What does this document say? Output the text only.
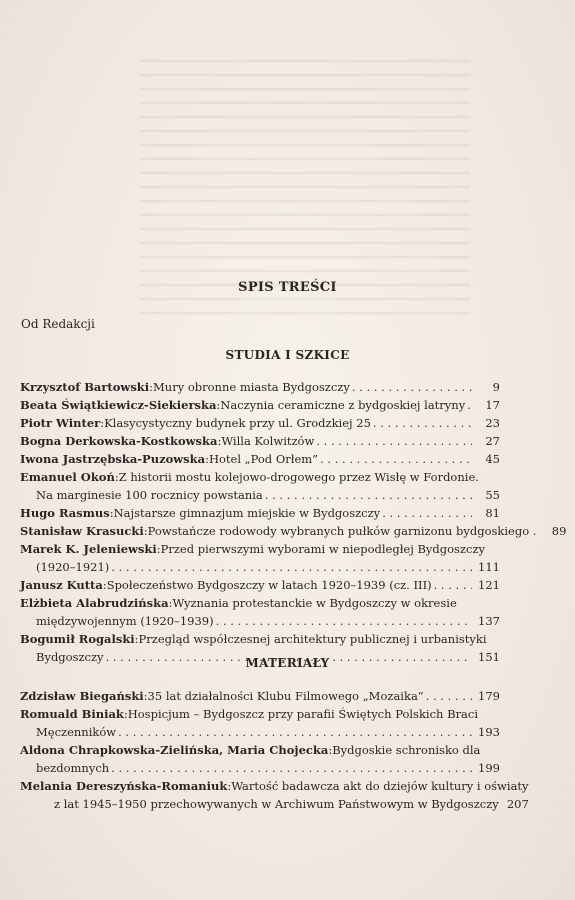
SPIS TREŚCI
Od Redakcji
STUDIA I SZKICE
Krzysztof Bartowski : Mury obronne miasta Bydgoszczy . . .	9
Beata Świątkiewicz-Siekierska : Naczynia ceramiczne z bydgoskiej latryny . . .	17
Piotr Winter : Klasycystyczny budynek przy ul. Grodzkiej 25 . . .	23
Bogna Derkowska-Kostkowska : Willa Kolwitzów . . .	27
Iwona Jastrzębska-Puzowska : Hotel „Pod Orłem” . . .	45
Emanuel Okoń : Z historii mostu kolejowo-drogowego przez Wisłę w Fordonie.
Na marginesie 100 rocznicy powstania . . .	55
Hugo Rasmus : Najstarsze gimnazjum miejskie w Bydgoszczy . . .	81
Stanisław Krasucki : Powstańcze rodowody wybranych pułków garnizonu bydgoskiego .	89
Marek K. Jeleniewski : Przed pierwszymi wyborami w niepodległej Bydgoszczy
(1920–1921) . . .	111
Janusz Kutta : Społeczeństwo Bydgoszczy w latach 1920–1939 (cz. III) . . .	121
Elżbieta Alabrudzińska : Wyznania protestanckie w Bydgoszczy w okresie
międzywojennym (1920–1939) . . .	137
Bogumił Rogalski : Przegląd współczesnej architektury publicznej i urbanistyki
Bydgoszczy . . .	151
MATERIAŁY
Zdzisław Biegański : 35 lat działalności Klubu Filmowego „Mozaika” . . .	179
Romuald Biniak : Hospicjum – Bydgoszcz przy parafii Świętych Polskich Braci
Męczenników . . .	193
Aldona Chrapkowska-Zielińska, Maria Chojecka : Bydgoskie schronisko dla
bezdomnych . . .	199
Melania Dereszyńska-Romaniuk : Wartość badawcza akt do dziejów kultury i oświaty
z lat 1945–1950 przechowywanych w Archiwum Państwowym w Bydgoszczy 207
